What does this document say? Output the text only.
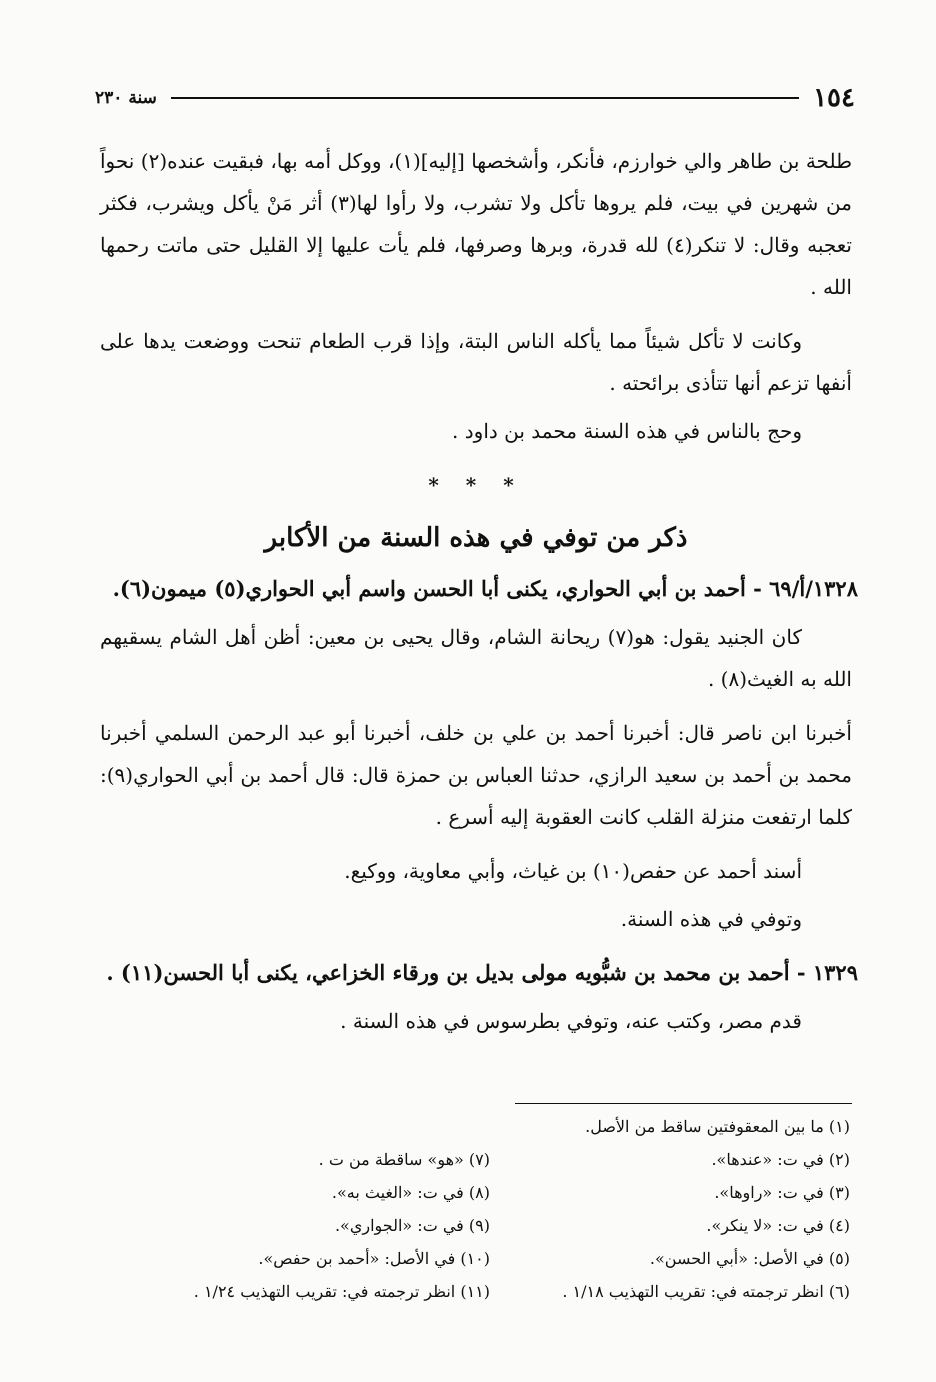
١٥٤
سنة ٢٣٠

طلحة بن طاهر والي خوارزم، فأنكر، وأشخصها [إليه](١)، ووكل أمه بها، فبقيت عنده(٢) نحواً من شهرين في بيت، فلم يروها تأكل ولا تشرب، ولا رأوا لها(٣) أثر مَنْ يأكل ويشرب، فكثر تعجبه وقال: لا تنكر(٤) لله قدرة، وبرها وصرفها، فلم يأت عليها إلا القليل حتى ماتت رحمها الله .

وكانت لا تأكل شيئاً مما يأكله الناس البتة، وإذا قرب الطعام تنحت ووضعت يدها على أنفها تزعم أنها تتأذى برائحته .

وحج بالناس في هذه السنة محمد بن داود .

* * *

ذكر من توفي في هذه السنة من الأكابر

١٣٢٨/أ/٦٩ - أحمد بن أبي الحواري، يكنى أبا الحسن واسم أبي الحواري(٥) ميمون(٦).

كان الجنيد يقول: هو(٧) ريحانة الشام، وقال يحيى بن معين: أظن أهل الشام يسقيهم الله به الغيث(٨) .

أخبرنا ابن ناصر قال: أخبرنا أحمد بن علي بن خلف، أخبرنا أبو عبد الرحمن السلمي أخبرنا محمد بن أحمد بن سعيد الرازي، حدثنا العباس بن حمزة قال: قال أحمد بن أبي الحواري(٩): كلما ارتفعت منزلة القلب كانت العقوبة إليه أسرع .

أسند أحمد عن حفص(١٠) بن غياث، وأبي معاوية، ووكيع.

وتوفي في هذه السنة.

١٣٢٩ - أحمد بن محمد بن شبُّويه مولى بديل بن ورقاء الخزاعي، يكنى أبا الحسن(١١) .

قدم مصر، وكتب عنه، وتوفي بطرسوس في هذه السنة .

(١) ما بين المعقوفتين ساقط من الأصل.
(٢) في ت: «عندها».
(٣) في ت: «راوها».
(٤) في ت: «لا ينكر».
(٥) في الأصل: «أبي الحسن».
(٦) انظر ترجمته في: تقريب التهذيب ١/١٨ .
(٧) «هو» ساقطة من ت .
(٨) في ت: «الغيث به».
(٩) في ت: «الجواري».
(١٠) في الأصل: «أحمد بن حفص».
(١١) انظر ترجمته في: تقريب التهذيب ١/٢٤ .
